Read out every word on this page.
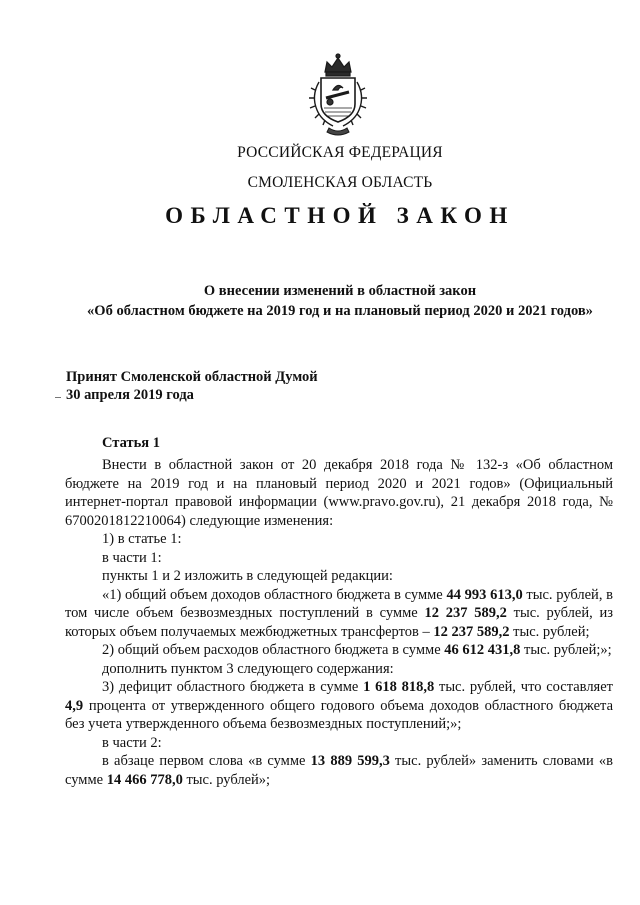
РОССИЙСКАЯ ФЕДЕРАЦИЯ
СМОЛЕНСКАЯ ОБЛАСТЬ
ОБЛАСТНОЙ ЗАКОН
О внесении изменений в областной закон
«Об областном бюджете на 2019 год и на плановый период 2020 и 2021 годов»
Принят Смоленской областной Думой
30 апреля 2019 года
Статья 1

Внести в областной закон от 20 декабря 2018 года № 132-з «Об областном бюджете на 2019 год и на плановый период 2020 и 2021 годов» (Официальный интернет-портал правовой информации (www.pravo.gov.ru), 21 декабря 2018 года, № 6700201812210064) следующие изменения:

1) в статье 1:

в части 1:

пункты 1 и 2 изложить в следующей редакции:

«1) общий объем доходов областного бюджета в сумме 44 993 613,0 тыс. рублей, в том числе объем безвозмездных поступлений в сумме 12 237 589,2 тыс. рублей, из которых объем получаемых межбюджетных трансфертов – 12 237 589,2 тыс. рублей;

2) общий объем расходов областного бюджета в сумме 46 612 431,8 тыс. рублей;»;

дополнить пунктом 3 следующего содержания:

3) дефицит областного бюджета в сумме 1 618 818,8 тыс. рублей, что составляет 4,9 процента от утвержденного общего годового объема доходов областного бюджета без учета утвержденного объема безвозмездных поступлений;»;

в части 2:

в абзаце первом слова «в сумме 13 889 599,3 тыс. рублей» заменить словами «в сумме 14 466 778,0 тыс. рублей»;
